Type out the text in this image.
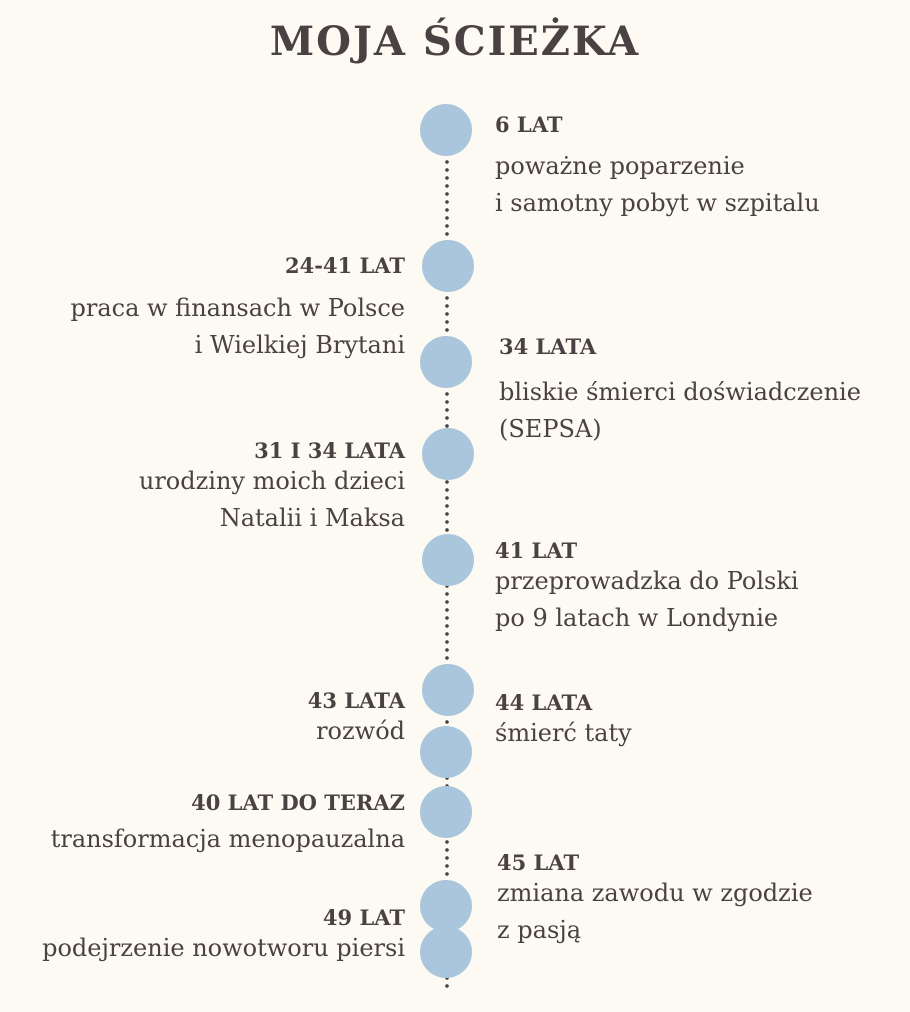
MOJA ŚCIEŻKA
6 LAT
poważne poparzenie
i samotny pobyt w szpitalu
24-41 LAT
praca w finansach w Polsce
i Wielkiej Brytani	34 LATA
bliskie śmierci doświadczenie
(SEPSA)
31 I 34 LATA
urodziny moich dzieci
Natalii i Maksa
41 LAT
przeprowadzka do Polski
po 9 latach w Londynie
43 LATA
rozwód
44 LATA
śmierć taty
40 LAT DO TERAZ
transformacja menopauzalna
45 LAT
zmiana zawodu w zgodzie
z pasją
49 LAT
podejrzenie nowotworu piersi
